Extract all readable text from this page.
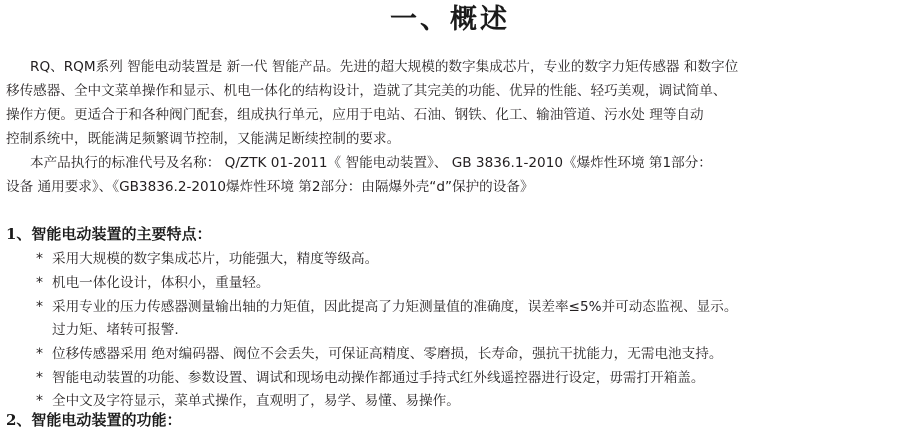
一、概述
RQ、RQM系列 智能电动装置是 新一代 智能产品。先进的超大规模的数字集成芯片，专业的数字力矩传感器 和数字位
移传感器、全中文菜单操作和显示、机电一体化的结构设计，造就了其完美的功能、优异的性能、轻巧美观，调试简单、
操作方便。更适合于和各种阀门配套，组成执行单元，应用于电站、石油、钢铁、化工、输油管道、污水处 理等自动
控制系统中，既能满足频繁调节控制，又能满足断续控制的要求。
本产品执行的标准代号及名称： Q/ZTK 01-2011《 智能电动装置》、 GB 3836.1-2010《爆炸性环境 第1部分：
设备 通用要求》、《GB3836.2-2010爆炸性环境 第2部分：由隔爆外壳“d”保护的设备》
1、智能电动装置的主要特点：
* 采用大规模的数字集成芯片，功能强大，精度等级高。
* 机电一体化设计，体积小，重量轻。
* 采用专业的压力传感器测量输出轴的力矩值，因此提高了力矩测量值的准确度，误差率≤5%并可动态监视、显示。
过力矩、堵转可报警.
* 位移传感器采用 绝对编码器、阀位不会丢失，可保证高精度、零磨损，长寿命，强抗干扰能力，无需电池支持。
* 智能电动装置的功能、参数设置、调试和现场电动操作都通过手持式红外线遥控器进行设定，毋需打开箱盖。
* 全中文及字符显示，菜单式操作，直观明了，易学、易懂、易操作。
2、智能电动装置的功能：
